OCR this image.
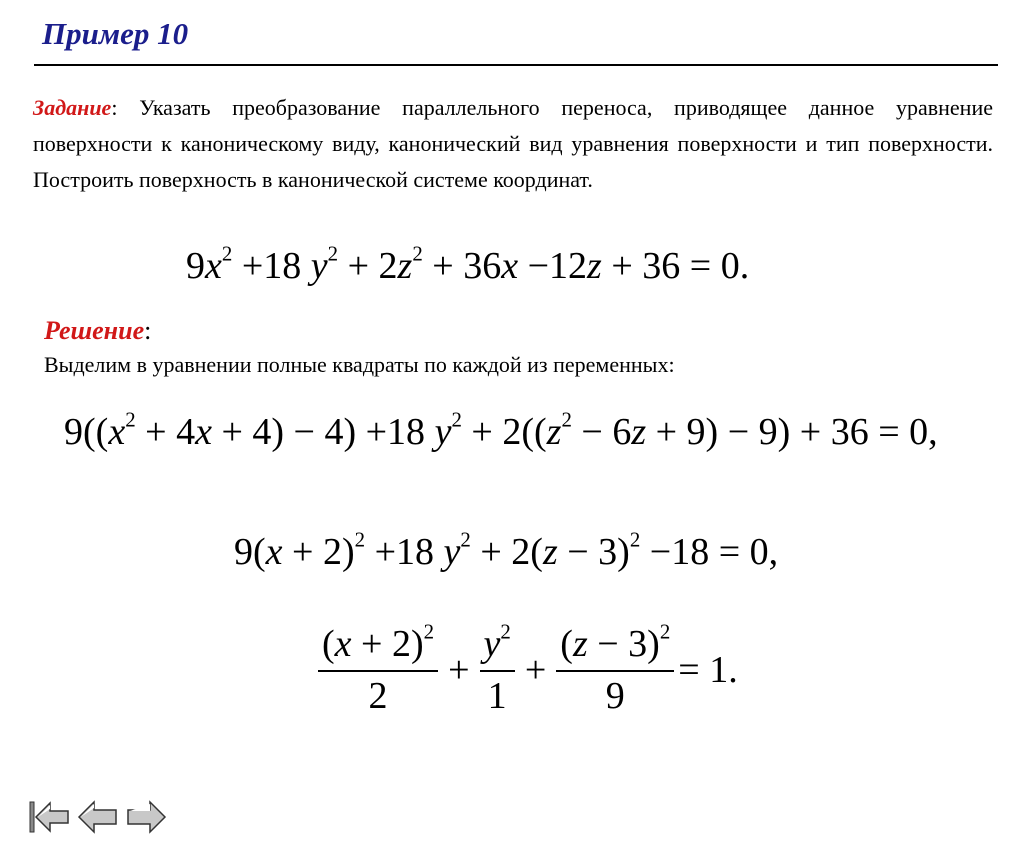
Пример 10
Задание: Указать преобразование параллельного переноса, приводящее данное уравнение поверхности к каноническому виду, канонический вид уравнения поверхности и тип поверхности. Построить поверхность в канонической системе координат.
$9x^2 +18$ $y^2 + 2z^2 + 36x -12z + 36 = 0$.
Решение:
Выделим в уравнении полные квадраты по каждой из переменных:
$9((x^2 + 4x + 4) - 4) +18$ $y^2 + 2((z^2 - 6z + 9) - 9) + 36 = 0$,
$9(x + 2)^2 +18$ $y^2 + 2(z - 3)^2 -18 = 0$,
$\frac{(x + 2)^2}{2} + \frac{y^2}{1} + \frac{(z - 3)^2}{9} = 1$.
